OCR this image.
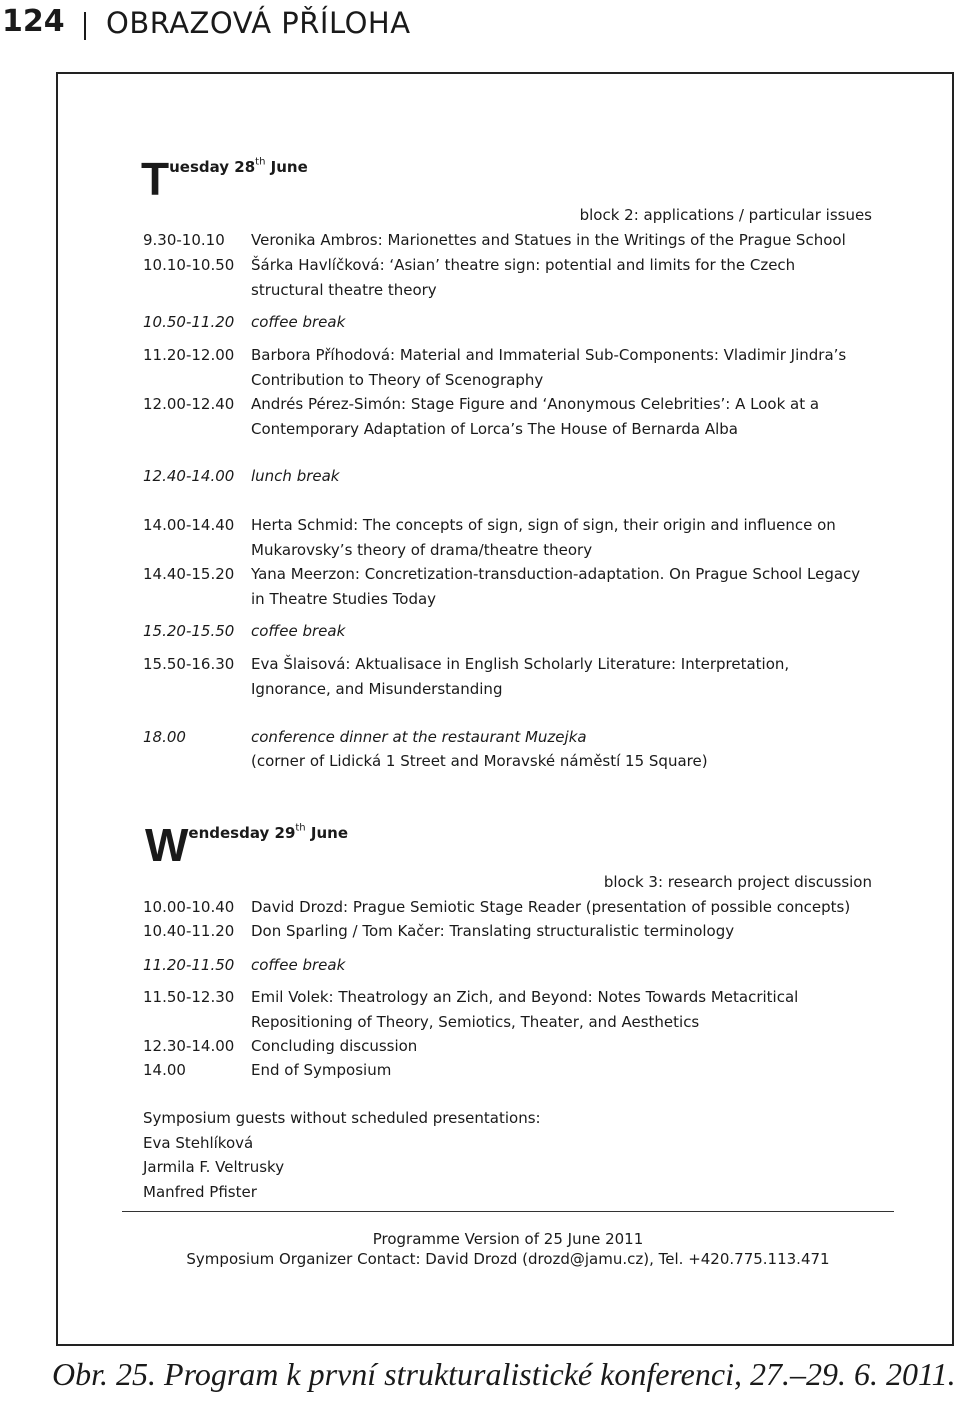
124 OBRAZOVÁ PŘÍLOHA
Tuesday 28th June
block 2: applications / particular issues
9.30-10.10	Veronika Ambros: Marionettes and Statues in the Writings of the Prague School
10.10-10.50	Šárka Havlíčková: ‘Asian’ theatre sign: potential and limits for the Czech structural theatre theory
10.50-11.20	coffee break
11.20-12.00	Barbora Příhodová: Material and Immaterial Sub-Components: Vladimir Jindra’s Contribution to Theory of Scenography
12.00-12.40	Andrés Pérez-Simón: Stage Figure and ‘Anonymous Celebrities’: A Look at a Contemporary Adaptation of Lorca’s The House of Bernarda Alba
12.40-14.00	lunch break
14.00-14.40	Herta Schmid: The concepts of sign, sign of sign, their origin and influence on Mukarovsky’s theory of drama/theatre theory
14.40-15.20	Yana Meerzon: Concretization-transduction-adaptation. On Prague School Legacy in Theatre Studies Today
15.20-15.50	coffee break
15.50-16.30	Eva Šlaisová: Aktualisace in English Scholarly Literature: Interpretation, Ignorance, and Misunderstanding
18.00	conference dinner at the restaurant Muzejka
(corner of Lidická 1 Street and Moravské náměstí 15 Square)
Wendesday 29th June
block 3: research project discussion
10.00-10.40	David Drozd: Prague Semiotic Stage Reader (presentation of possible concepts)
10.40-11.20	Don Sparling / Tom Kačer: Translating structuralistic terminology
11.20-11.50	coffee break
11.50-12.30	Emil Volek: Theatrology an Zich, and Beyond: Notes Towards Metacritical Repositioning of Theory, Semiotics, Theater, and Aesthetics
12.30-14.00	Concluding discussion
14.00	End of Symposium
Symposium guests without scheduled presentations:
Eva Stehlíková
Jarmila F. Veltrusky
Manfred Pfister
Programme Version of 25 June 2011
Symposium Organizer Contact: David Drozd (drozd@jamu.cz), Tel. +420.775.113.471
Obr. 25. Program k první strukturalistické konferenci, 27.–29. 6. 2011.
